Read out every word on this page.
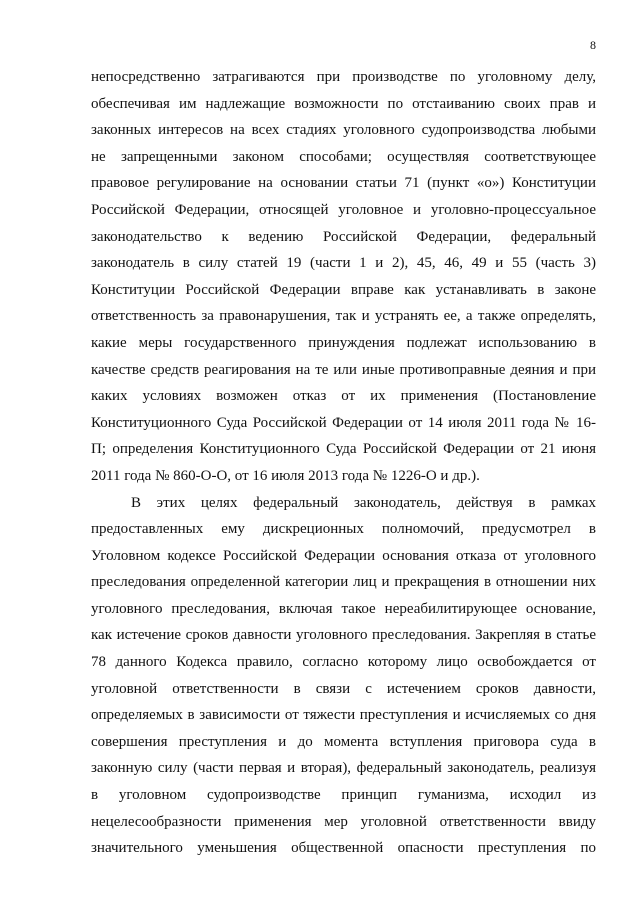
8
непосредственно затрагиваются при производстве по уголовному делу,
обеспечивая им надлежащие возможности по отстаиванию своих прав и
законных интересов на всех стадиях уголовного судопроизводства любыми
не запрещенными законом способами; осуществляя соответствующее
правовое регулирование на основании статьи 71 (пункт «о») Конституции
Российской Федерации, относящей уголовное и уголовно-процессуальное
законодательство к ведению Российской Федерации, федеральный
законодатель в силу статей 19 (части 1 и 2), 45, 46, 49 и 55 (часть 3)
Конституции Российской Федерации вправе как устанавливать в законе
ответственность за правонарушения, так и устранять ее, а также определять,
какие меры государственного принуждения подлежат использованию в
качестве средств реагирования на те или иные противоправные деяния и при
каких условиях возможен отказ от их применения (Постановление
Конституционного Суда Российской Федерации от 14 июля 2011 года № 16-
П; определения Конституционного Суда Российской Федерации от 21 июня
2011 года № 860-О-О, от 16 июля 2013 года № 1226-О и др.).
В этих целях федеральный законодатель, действуя в рамках
предоставленных ему дискреционных полномочий, предусмотрел в
Уголовном кодексе Российской Федерации основания отказа от уголовного
преследования определенной категории лиц и прекращения в отношении них
уголовного преследования, включая такое нереабилитирующее основание,
как истечение сроков давности уголовного преследования. Закрепляя в статье
78 данного Кодекса правило, согласно которому лицо освобождается от
уголовной ответственности в связи с истечением сроков давности,
определяемых в зависимости от тяжести преступления и исчисляемых со дня
совершения преступления и до момента вступления приговора суда в
законную силу (части первая и вторая), федеральный законодатель, реализуя
в уголовном судопроизводстве принцип гуманизма, исходил из
нецелесообразности применения мер уголовной ответственности ввиду
значительного уменьшения общественной опасности преступления по
